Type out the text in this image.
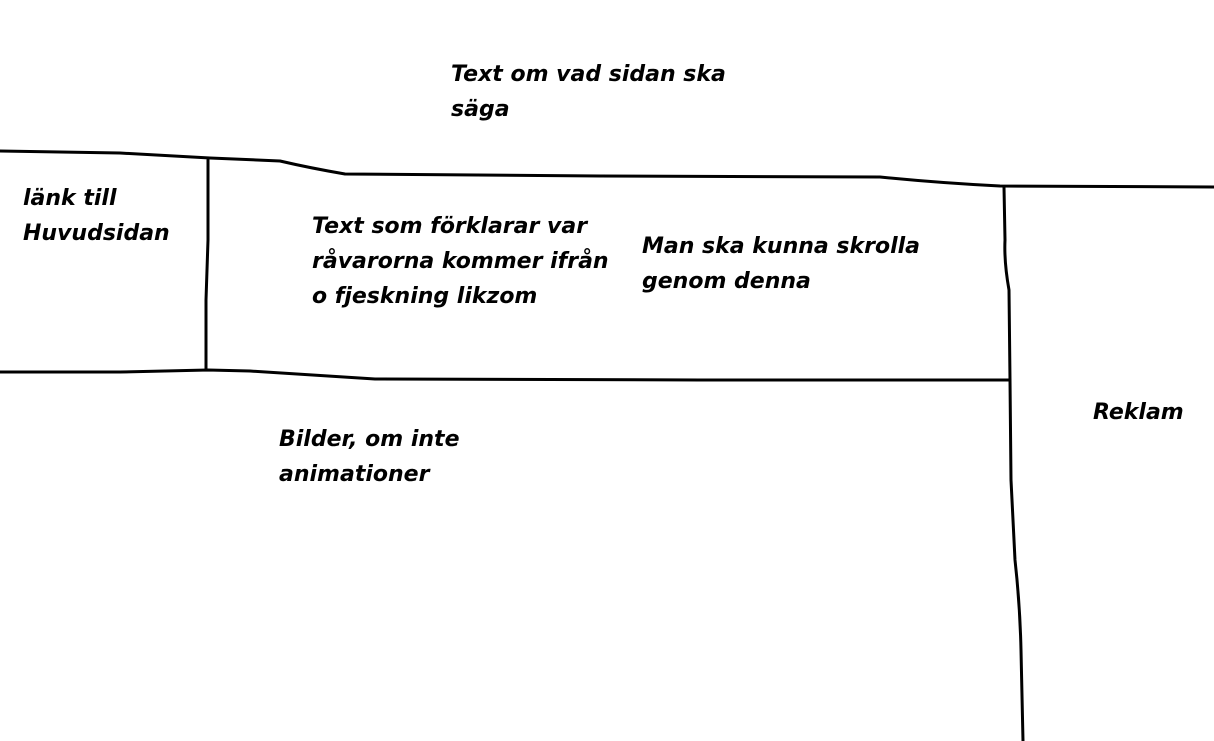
Text om vad sidan ska
säga

länk till
Huvudsidan	Text som förklarar var
råvarorna kommer ifrån
o fjeskning likzom

Man ska kunna skrolla
genom denna

Bilder, om inte
animationer

Reklam
